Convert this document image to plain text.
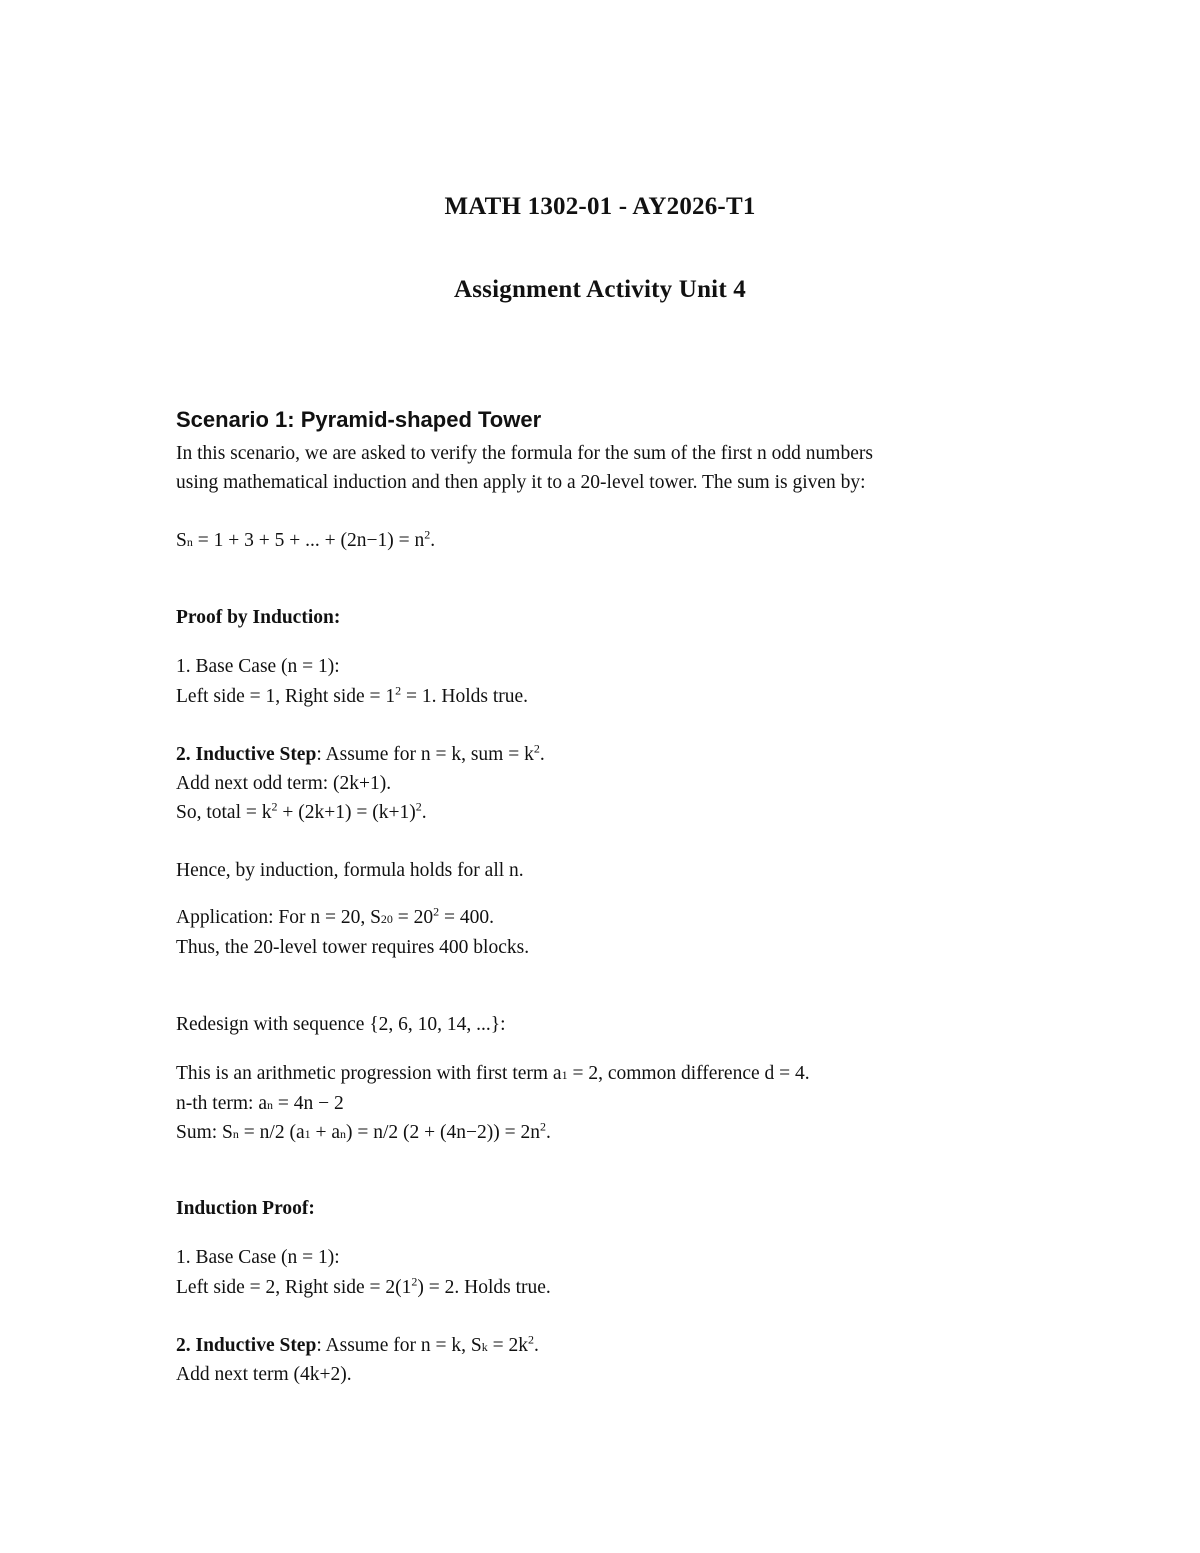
MATH 1302-01 - AY2026-T1
Assignment Activity Unit 4
Scenario 1: Pyramid-shaped Tower
In this scenario, we are asked to verify the formula for the sum of the first n odd numbers
using mathematical induction and then apply it to a 20-level tower. The sum is given by:
Sn = 1 + 3 + 5 + ... + $(2n-1) = n^2$.
Proof by Induction:
1. Base Case (n = 1):
Left side = 1, Right side = $1^2 = 1$. Holds true.
2. Inductive Step: Assume for n = k, sum = $k^2$.
Add next odd term: (2k+1).
So, total = $k^2 + (2k+1) = (k+1)^2$.
Hence, by induction, formula holds for all n.
Application: For n = 20, $S20 = 20^2 = 400$.
Thus, the 20-level tower requires 400 blocks.
Redesign with sequence {2, 6, 10, 14, ...}:
This is an arithmetic progression with first term a1 = 2, common difference d = 4.
n-th term: an = 4n − 2
Sum: Sn = n/2 (a1 + an) = n/2 $(2 + (4n-2)) = 2n^2$.
Induction Proof:
1. Base Case (n = 1):
Left side = 2, Right side = $2(1^2) = 2$. Holds true.
2. Inductive Step: Assume for n = k, $Sk = 2k^2$.
Add next term (4k+2).
